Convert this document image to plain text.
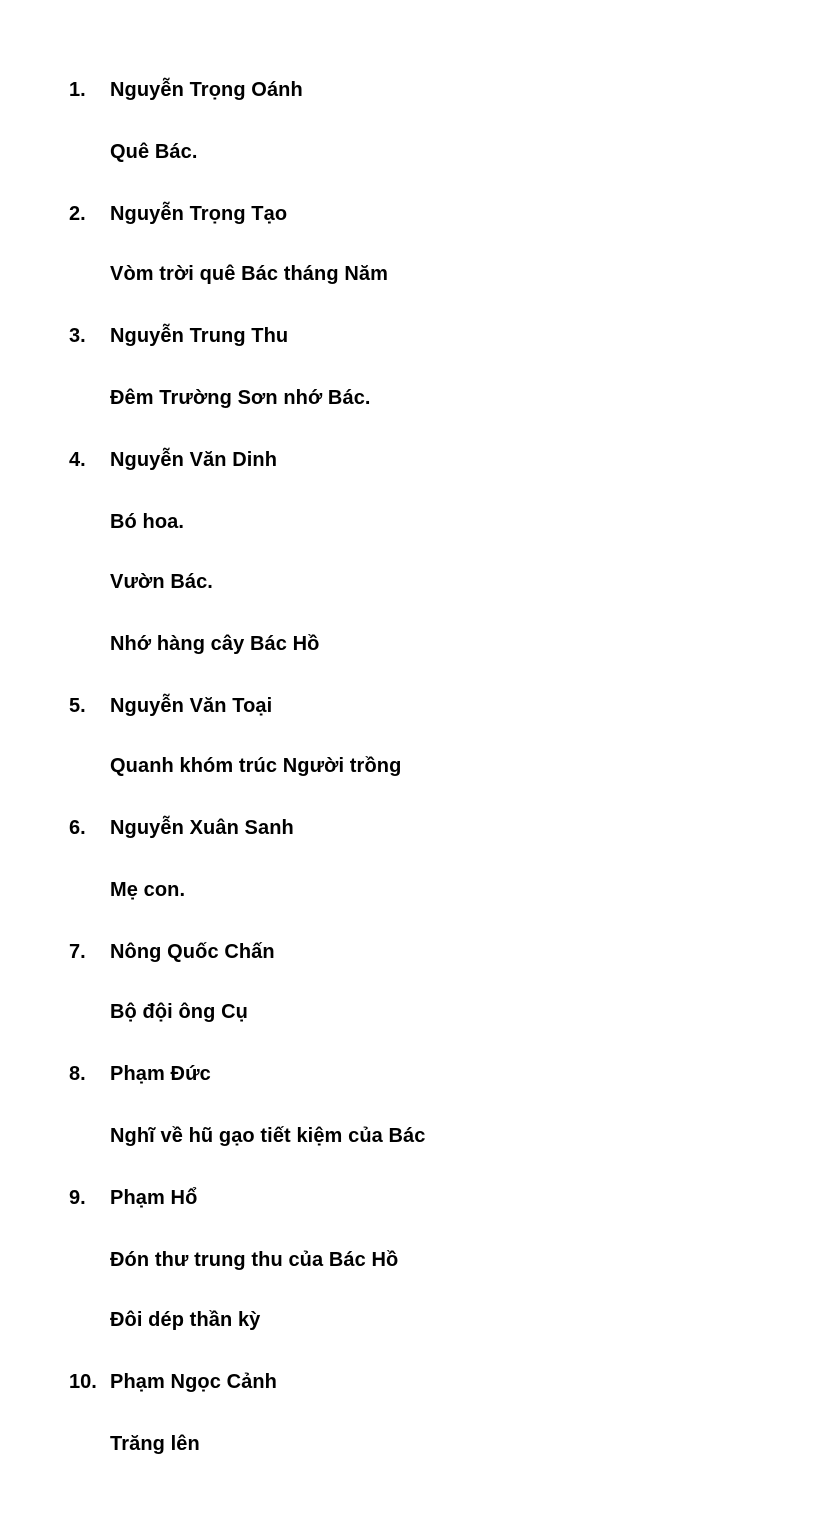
1. Nguyễn Trọng Oánh
Quê Bác.
2. Nguyễn Trọng Tạo
Vòm trời quê Bác tháng Năm
3. Nguyễn Trung Thu
Đêm Trường Sơn nhớ Bác.
4. Nguyễn Văn Dinh
Bó hoa.
Vườn Bác.
Nhớ hàng cây Bác Hồ
5. Nguyễn Văn Toại
Quanh khóm trúc Người trồng
6. Nguyễn Xuân Sanh
Mẹ con.
7. Nông Quốc Chấn
Bộ đội ông Cụ
8. Phạm Đức
Nghĩ về hũ gạo tiết kiệm của Bác
9. Phạm Hổ
Đón thư trung thu của Bác Hồ
Đôi dép thần kỳ
10. Phạm Ngọc Cảnh
Trăng lên
